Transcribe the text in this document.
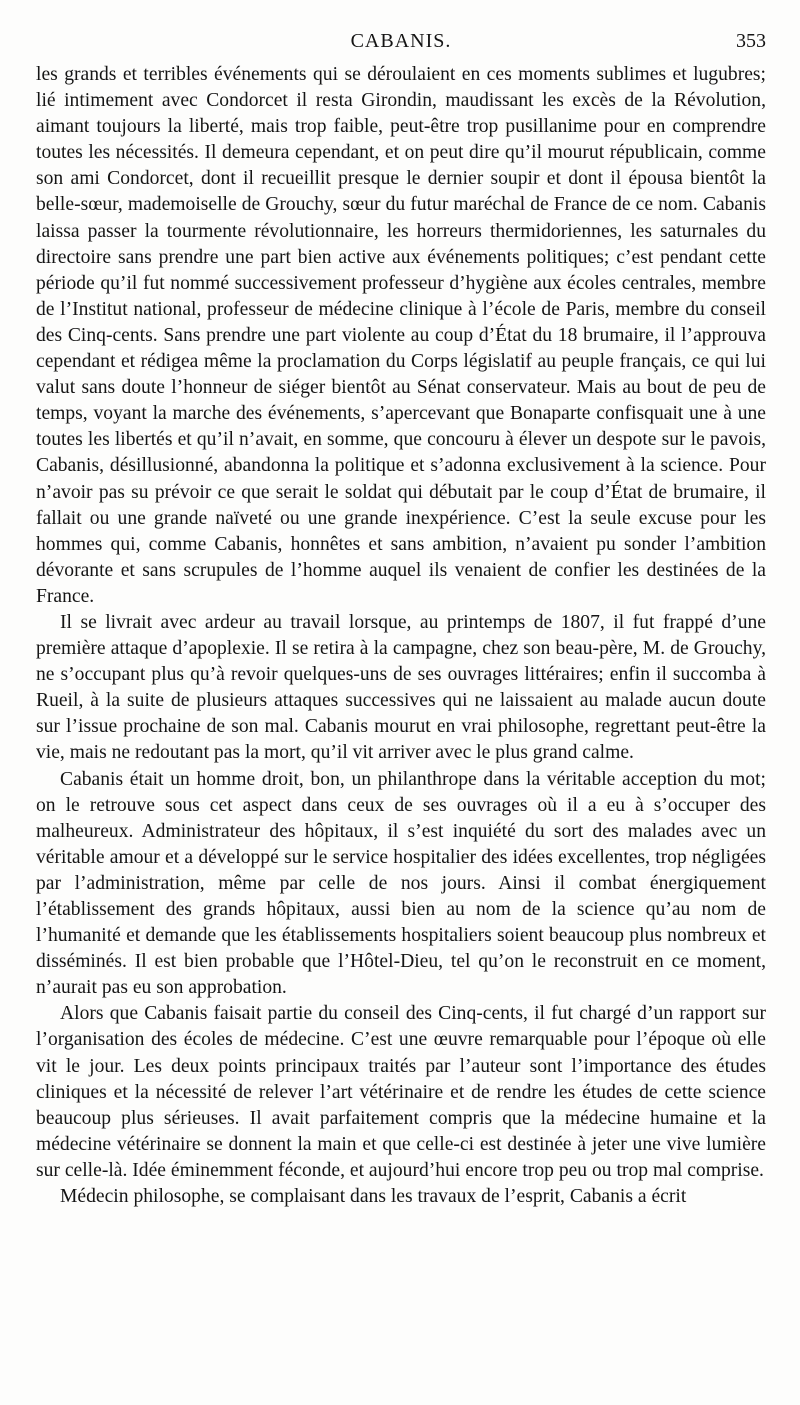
CABANIS.	353

les grands et terribles événements qui se déroulaient en ces moments sublimes et lugubres; lié intimement avec Condorcet il resta Girondin, maudissant les excès de la Révolution, aimant toujours la liberté, mais trop faible, peut-être trop pusillanime pour en comprendre toutes les nécessités. Il demeura cependant, et on peut dire qu’il mourut républicain, comme son ami Condorcet, dont il recueillit presque le dernier soupir et dont il épousa bientôt la belle-sœur, mademoiselle de Grouchy, sœur du futur maréchal de France de ce nom. Cabanis laissa passer la tourmente révolutionnaire, les horreurs thermidoriennes, les saturnales du directoire sans prendre une part bien active aux événements politiques; c’est pendant cette période qu’il fut nommé successivement professeur d’hygiène aux écoles centrales, membre de l’Institut national, professeur de médecine clinique à l’école de Paris, membre du conseil des Cinq-cents. Sans prendre une part violente au coup d’État du 18 brumaire, il l’approuva cependant et rédigea même la proclamation du Corps législatif au peuple français, ce qui lui valut sans doute l’honneur de siéger bientôt au Sénat conservateur. Mais au bout de peu de temps, voyant la marche des événements, s’apercevant que Bonaparte confisquait une à une toutes les libertés et qu’il n’avait, en somme, que concouru à élever un despote sur le pavois, Cabanis, désillusionné, abandonna la politique et s’adonna exclusivement à la science. Pour n’avoir pas su prévoir ce que serait le soldat qui débutait par le coup d’État de brumaire, il fallait ou une grande naïveté ou une grande inexpérience. C’est la seule excuse pour les hommes qui, comme Cabanis, honnêtes et sans ambition, n’avaient pu sonder l’ambition dévorante et sans scrupules de l’homme auquel ils venaient de confier les destinées de la France.

Il se livrait avec ardeur au travail lorsque, au printemps de 1807, il fut frappé d’une première attaque d’apoplexie. Il se retira à la campagne, chez son beau-père, M. de Grouchy, ne s’occupant plus qu’à revoir quelques-uns de ses ouvrages littéraires; enfin il succomba à Rueil, à la suite de plusieurs attaques successives qui ne laissaient au malade aucun doute sur l’issue prochaine de son mal. Cabanis mourut en vrai philosophe, regrettant peut-être la vie, mais ne redoutant pas la mort, qu’il vit arriver avec le plus grand calme.

Cabanis était un homme droit, bon, un philanthrope dans la véritable acception du mot; on le retrouve sous cet aspect dans ceux de ses ouvrages où il a eu à s’occuper des malheureux. Administrateur des hôpitaux, il s’est inquiété du sort des malades avec un véritable amour et a développé sur le service hospitalier des idées excellentes, trop négligées par l’administration, même par celle de nos jours. Ainsi il combat énergiquement l’établissement des grands hôpitaux, aussi bien au nom de la science qu’au nom de l’humanité et demande que les établissements hospitaliers soient beaucoup plus nombreux et disséminés. Il est bien probable que l’Hôtel-Dieu, tel qu’on le reconstruit en ce moment, n’aurait pas eu son approbation.

Alors que Cabanis faisait partie du conseil des Cinq-cents, il fut chargé d’un rapport sur l’organisation des écoles de médecine. C’est une œuvre remarquable pour l’époque où elle vit le jour. Les deux points principaux traités par l’auteur sont l’importance des études cliniques et la nécessité de relever l’art vétérinaire et de rendre les études de cette science beaucoup plus sérieuses. Il avait parfaitement compris que la médecine humaine et la médecine vétérinaire se donnent la main et que celle-ci est destinée à jeter une vive lumière sur celle-là. Idée éminemment féconde, et aujourd’hui encore trop peu ou trop mal comprise.

Médecin philosophe, se complaisant dans les travaux de l’esprit, Cabanis a écrit
